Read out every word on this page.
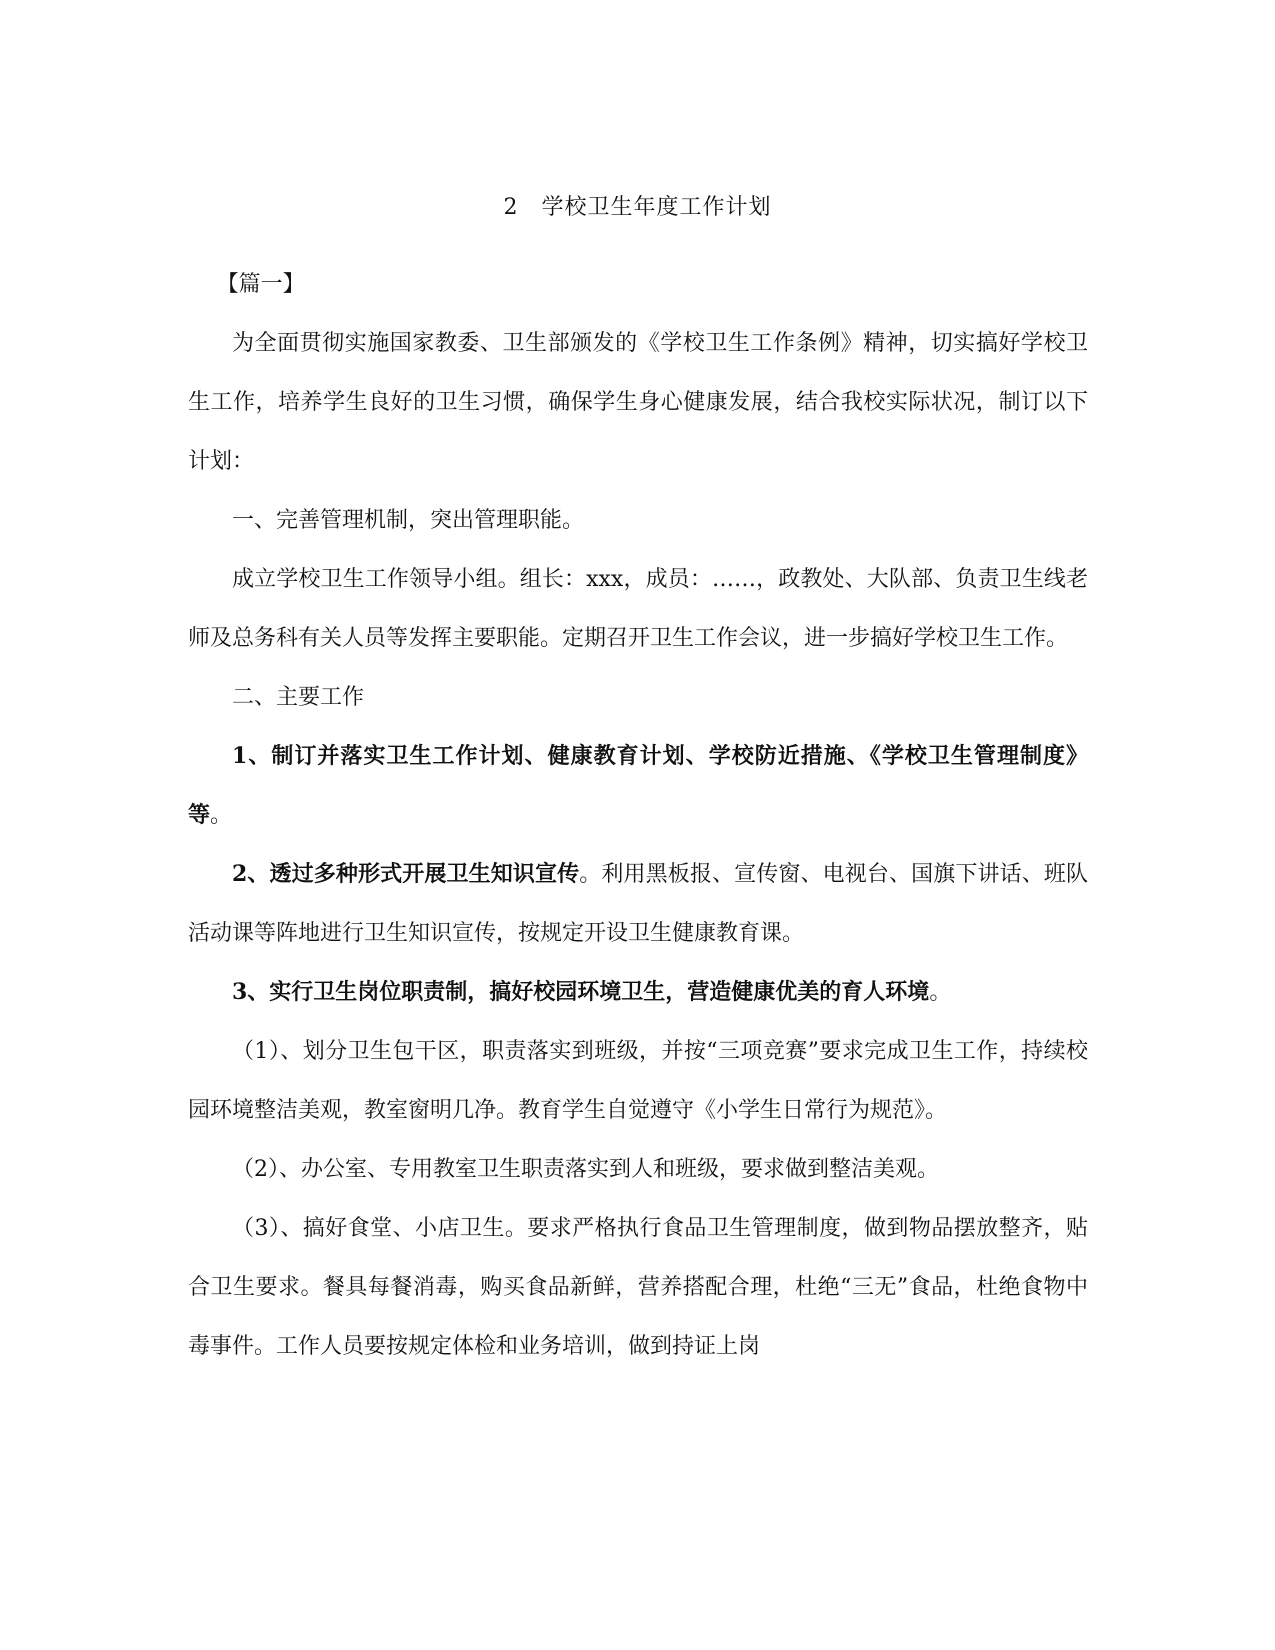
2　学校卫生年度工作计划

【篇一】

为全面贯彻实施国家教委、卫生部颁发的《学校卫生工作条例》精神，切实搞好学校卫生工作，培养学生良好的卫生习惯，确保学生身心健康发展，结合我校实际状况，制订以下计划：

一、完善管理机制，突出管理职能。

成立学校卫生工作领导小组。组长：xxx，成员：……，政教处、大队部、负责卫生线老师及总务科有关人员等发挥主要职能。定期召开卫生工作会议，进一步搞好学校卫生工作。

二、主要工作

1、制订并落实卫生工作计划、健康教育计划、学校防近措施、《学校卫生管理制度》等。

2、透过多种形式开展卫生知识宣传。利用黑板报、宣传窗、电视台、国旗下讲话、班队活动课等阵地进行卫生知识宣传，按规定开设卫生健康教育课。

3、实行卫生岗位职责制，搞好校园环境卫生，营造健康优美的育人环境。

（1）、划分卫生包干区，职责落实到班级，并按“三项竞赛”要求完成卫生工作，持续校园环境整洁美观，教室窗明几净。教育学生自觉遵守《小学生日常行为规范》。

（2）、办公室、专用教室卫生职责落实到人和班级，要求做到整洁美观。

（3）、搞好食堂、小店卫生。要求严格执行食品卫生管理制度，做到物品摆放整齐，贴合卫生要求。餐具每餐消毒，购买食品新鲜，营养搭配合理，杜绝“三无”食品，杜绝食物中毒事件。工作人员要按规定体检和业务培训，做到持证上岗
